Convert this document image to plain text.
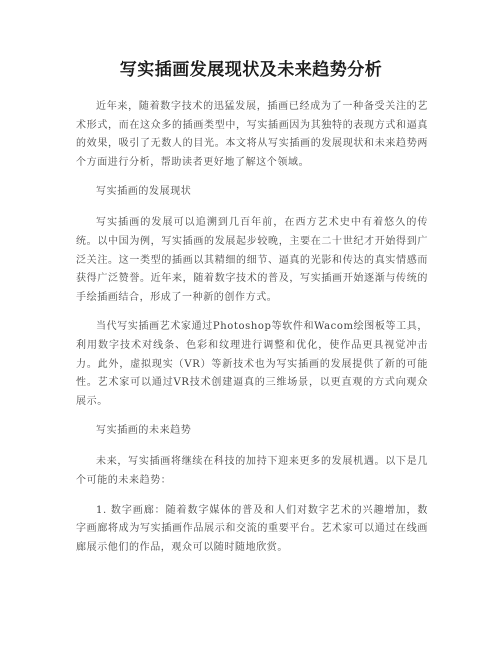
写实插画发展现状及未来趋势分析

近年来，随着数字技术的迅猛发展，插画已经成为了一种备受关注的艺术形式，而在这众多的插画类型中，写实插画因为其独特的表现方式和逼真的效果，吸引了无数人的目光。本文将从写实插画的发展现状和未来趋势两个方面进行分析，帮助读者更好地了解这个领域。

写实插画的发展现状

写实插画的发展可以追溯到几百年前，在西方艺术史中有着悠久的传统。以中国为例，写实插画的发展起步较晚，主要在二十世纪才开始得到广泛关注。这一类型的插画以其精细的细节、逼真的光影和传达的真实情感而获得广泛赞誉。近年来，随着数字技术的普及，写实插画开始逐渐与传统的手绘插画结合，形成了一种新的创作方式。

当代写实插画艺术家通过Photoshop等软件和Wacom绘图板等工具，利用数字技术对线条、色彩和纹理进行调整和优化，使作品更具视觉冲击力。此外，虚拟现实（VR）等新技术也为写实插画的发展提供了新的可能性。艺术家可以通过VR技术创建逼真的三维场景，以更直观的方式向观众展示。

写实插画的未来趋势

未来，写实插画将继续在科技的加持下迎来更多的发展机遇。以下是几个可能的未来趋势：

1. 数字画廊：随着数字媒体的普及和人们对数字艺术的兴趣增加，数字画廊将成为写实插画作品展示和交流的重要平台。艺术家可以通过在线画廊展示他们的作品，观众可以随时随地欣赏。
